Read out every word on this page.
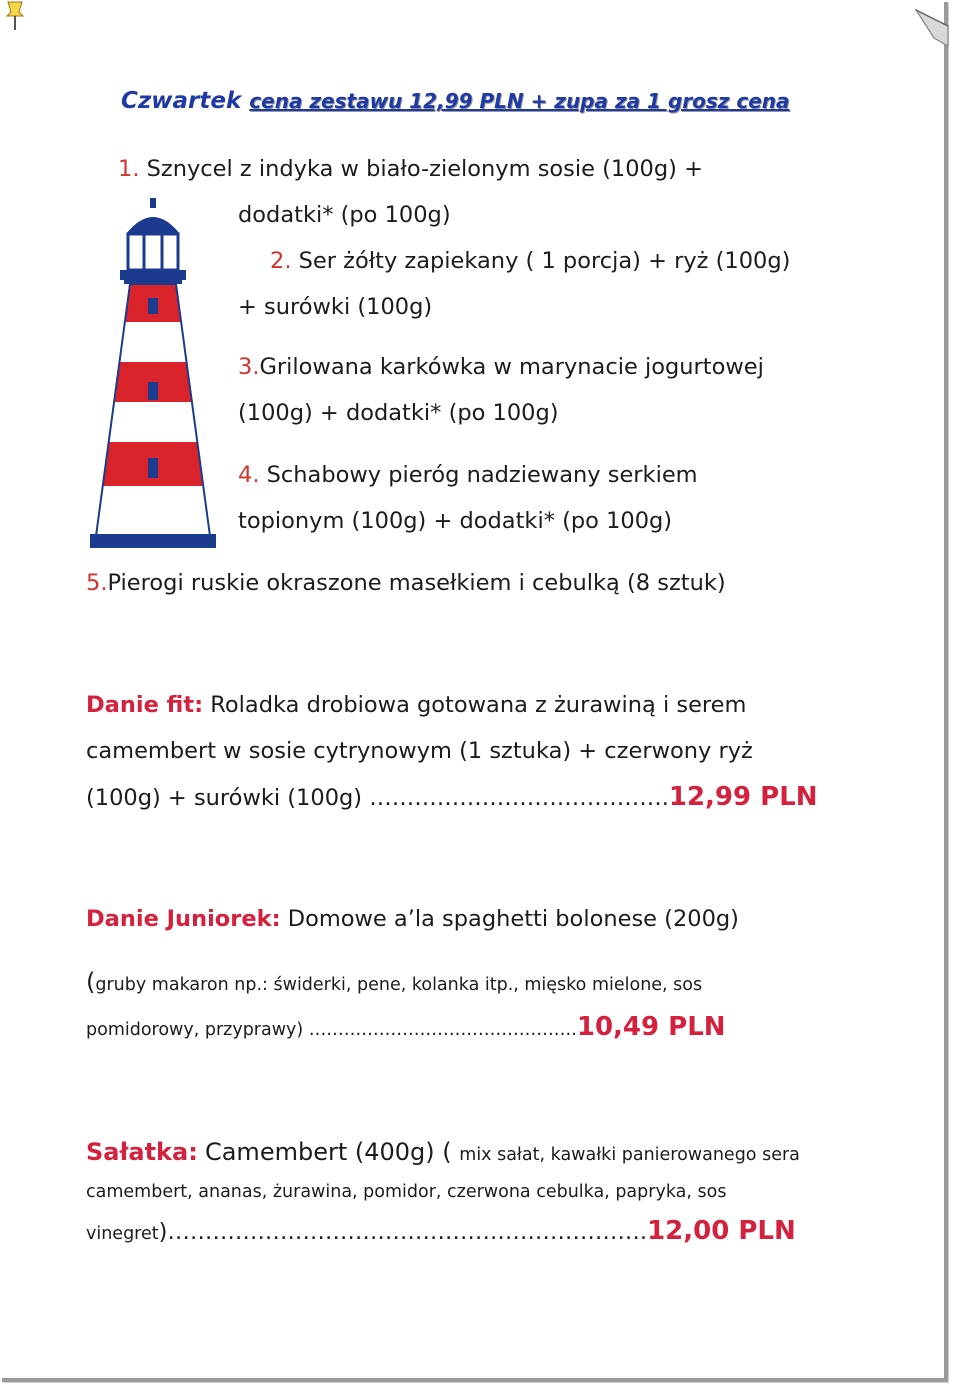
Czwartek cena zestawu 12,99 PLN + zupa za 1 grosz cena
1. Sznycel z indyka w biało-zielonym sosie (100g) +
dodatki* (po 100g)
2. Ser żółty zapiekany ( 1 porcja) + ryż (100g)
+ surówki (100g)
3.Grilowana karkówka w marynacie jogurtowej
(100g) + dodatki* (po 100g)
4. Schabowy pieróg nadziewany serkiem
topionym (100g) + dodatki* (po 100g)
5.Pierogi ruskie okraszone masełkiem i cebulką (8 sztuk)
Danie fit: Roladka drobiowa gotowana z żurawiną i serem
camembert w sosie cytrynowym (1 sztuka) + czerwony ryż
(100g) + surówki (100g) ………………………………….12,99 PLN
Danie Juniorek: Domowe a’la spaghetti bolonese (200g)
(gruby makaron np.: świderki, pene, kolanka itp., mięsko mielone, sos
pomidorowy, przyprawy) ……………………………………….10,49 PLN
Sałatka: Camembert (400g) ( mix sałat, kawałki panierowanego sera
camembert, ananas, żurawina, pomidor, czerwona cebulka, papryka, sos
vinegret)……………………………………………………….12,00 PLN
